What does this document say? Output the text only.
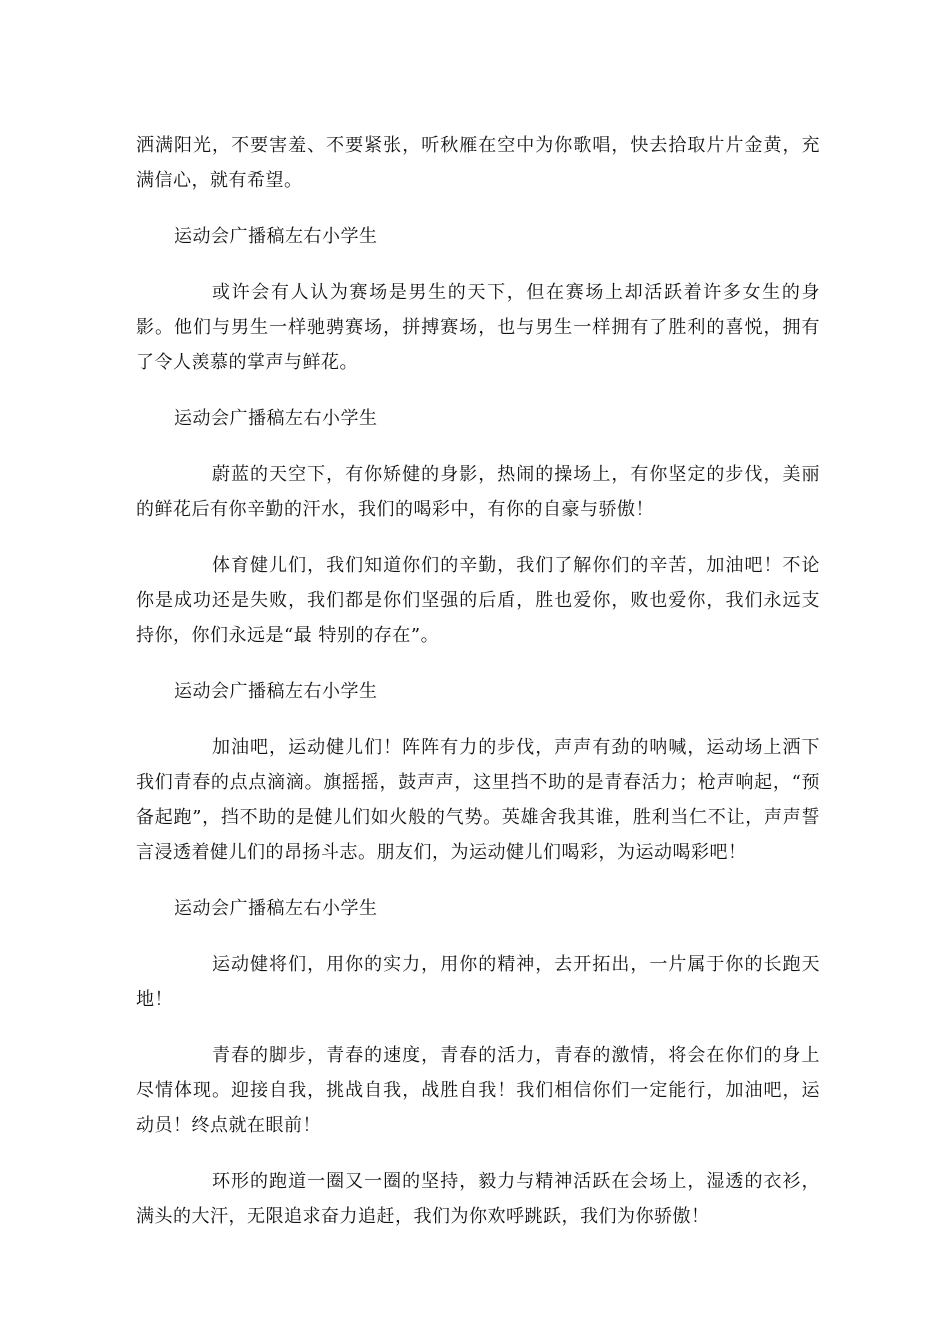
洒满阳光，不要害羞、不要紧张，听秋雁在空中为你歌唱，快去拾取片片金黄，充满信心，就有希望。

运动会广播稿左右小学生

或许会有人认为赛场是男生的天下，但在赛场上却活跃着许多女生的身影。他们与男生一样驰骋赛场，拼搏赛场，也与男生一样拥有了胜利的喜悦，拥有了令人羡慕的掌声与鲜花。

运动会广播稿左右小学生

蔚蓝的天空下，有你矫健的身影，热闹的操场上，有你坚定的步伐，美丽的鲜花后有你辛勤的汗水，我们的喝彩中，有你的自豪与骄傲！

体育健儿们，我们知道你们的辛勤，我们了解你们的辛苦，加油吧！不论你是成功还是失败，我们都是你们坚强的后盾，胜也爱你，败也爱你，我们永远支持你，你们永远是“最 特别的存在”。

运动会广播稿左右小学生

加油吧，运动健儿们！阵阵有力的步伐，声声有劲的呐喊，运动场上洒下我们青春的点点滴滴。旗摇摇，鼓声声，这里挡不助的是青春活力；枪声响起，“预备起跑”，挡不助的是健儿们如火般的气势。英雄舍我其谁，胜利当仁不让，声声誓言浸透着健儿们的昂扬斗志。朋友们，为运动健儿们喝彩，为运动喝彩吧！

运动会广播稿左右小学生

运动健将们，用你的实力，用你的精神，去开拓出，一片属于你的长跑天地！

青春的脚步，青春的速度，青春的活力，青春的激情，将会在你们的身上尽情体现。迎接自我，挑战自我，战胜自我！我们相信你们一定能行，加油吧，运动员！终点就在眼前！

环形的跑道一圈又一圈的坚持，毅力与精神活跃在会场上，湿透的衣衫，满头的大汗，无限追求奋力追赶，我们为你欢呼跳跃，我们为你骄傲！
